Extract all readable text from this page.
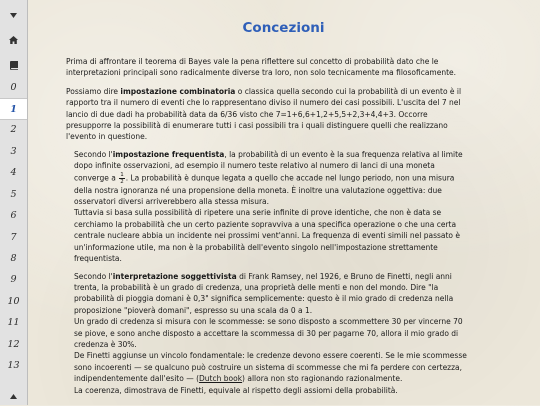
0
1
2
3
4
5
6
7
8
9
10
11
12
13
Concezioni

Prima di affrontare il teorema di Bayes vale la pena riflettere sul concetto di probabilità dato che le interpretazioni principali sono radicalmente diverse tra loro, non solo tecnicamente ma filosoficamente.

Possiamo dire impostazione combinatoria o classica quella secondo cui la probabilità di un evento è il rapporto tra il numero di eventi che lo rappresentano diviso il numero dei casi possibili. L'uscita del 7 nel lancio di due dadi ha probabilità data da 6/36 visto che 7=1+6,6+1,2+5,5+2,3+4,4+3. Occorre presupporre la possibilità di enumerare tutti i casi possibili tra i quali distinguere quelli che realizzano l'evento in questione.

Secondo l'impostazione frequentista, la probabilità di un evento è la sua frequenza relativa al limite dopo infinite osservazioni, ad esempio il numero teste relativo al numero di lanci di una moneta converge a $\frac{1}{2}$ . La probabilità è dunque legata a quello che accade nel lungo periodo, non una misura della nostra ignoranza né una propensione della moneta. È inoltre una valutazione oggettiva: due osservatori diversi arriverebbero alla stessa misura.

Tuttavia si basa sulla possibilità di ripetere una serie infinite di prove identiche, che non è data se cerchiamo la probabilità che un certo paziente sopravviva a una specifica operazione o che una certa centrale nucleare abbia un incidente nei prossimi vent'anni. La frequenza di eventi simili nel passato è un'informazione utile, ma non è la probabilità dell'evento singolo nell'impostazione strettamente frequentista.

Secondo l'interpretazione soggettivista di Frank Ramsey, nel 1926, e Bruno de Finetti, negli anni trenta, la probabilità è un grado di credenza, una proprietà delle menti e non del mondo. Dire "la probabilità di pioggia domani è 0,3" significa semplicemente: questo è il mio grado di credenza nella proposizione "pioverà domani", espresso su una scala da 0 a 1.

Un grado di credenza si misura con le scommesse: se sono disposto a scommettere 30 per vincerne 70 se piove, e sono anche disposto a accettare la scommessa di 30 per pagarne 70, allora il mio grado di credenza è 30%.

De Finetti aggiunse un vincolo fondamentale: le credenze devono essere coerenti. Se le mie scommesse sono incoerenti — se qualcuno può costruire un sistema di scommesse che mi fa perdere con certezza, indipendentemente dall'esito — (Dutch book) allora non sto ragionando razionalmente.

La coerenza, dimostrava de Finetti, equivale al rispetto degli assiomi della probabilità.
